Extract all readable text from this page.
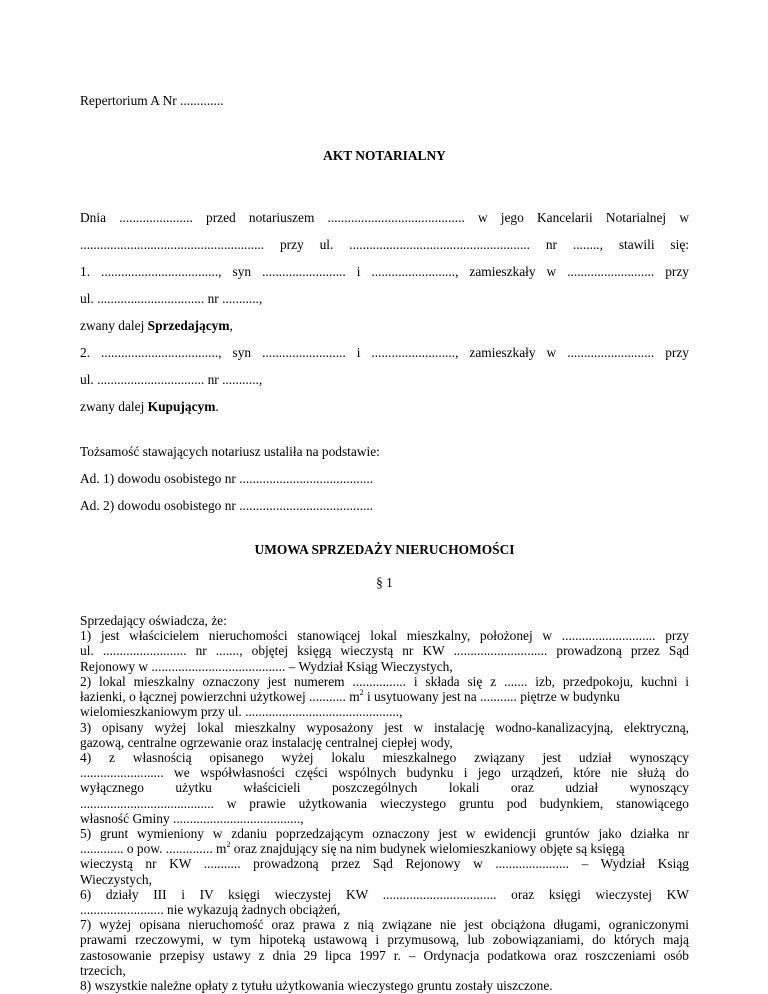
Repertorium A Nr .............
AKT NOTARIALNY
Dnia ...................... przed notariuszem ......................................... w jego Kancelarii Notarialnej w
....................................................... przy ul. ...................................................... nr ........, stawili się:
1. ..................................., syn ......................... i ........................., zamieszkały w .......................... przy
ul. ................................ nr ...........,
zwany dalej Sprzedającym,
2. ..................................., syn ......................... i ........................., zamieszkały w .......................... przy
ul. ................................ nr ...........,
zwany dalej Kupującym.
Tożsamość stawających notariusz ustaliła na podstawie:
Ad. 1) dowodu osobistego nr ........................................
Ad. 2) dowodu osobistego nr ........................................
UMOWA SPRZEDAŻY NIERUCHOMOŚCI
§ 1
Sprzedający oświadcza, że:
1) jest właścicielem nieruchomości stanowiącej lokal mieszkalny, położonej w ............................ przy
ul. ......................... nr ......., objętej księgą wieczystą nr KW ............................ prowadzoną przez Sąd
Rejonowy w ........................................ – Wydział Ksiąg Wieczystych,
2) lokal mieszkalny oznaczony jest numerem ................ i składa się z ....... izb, przedpokoju, kuchni i
łazienki, o łącznej powierzchni użytkowej ........... $m^2$ i usytuowany jest na ........... piętrze w budynku
wielomieszkaniowym przy ul. ..............................................,
3) opisany wyżej lokal mieszkalny wyposażony jest w instalację wodno-kanalizacyjną, elektryczną,
gazową, centralne ogrzewanie oraz instalację centralnej ciepłej wody,
4) z własnością opisanego wyżej lokalu mieszkalnego związany jest udział wynoszący
......................... we współwłasności części wspólnych budynku i jego urządzeń, które nie służą do
wyłącznego użytku właścicieli poszczególnych lokali oraz udział wynoszący
........................................ w prawie użytkowania wieczystego gruntu pod budynkiem, stanowiącego
własność Gminy ......................................,
5) grunt wymieniony w zdaniu poprzedzającym oznaczony jest w ewidencji gruntów jako działka nr
............. o pow. .............. $m^2$ oraz znajdujący się na nim budynek wielomieszkaniowy objęte są księgą
wieczystą nr KW ........... prowadzoną przez Sąd Rejonowy w ...................... – Wydział Ksiąg
Wieczystych,
6) działy III i IV księgi wieczystej KW .................................. oraz księgi wieczystej KW
......................... nie wykazują żadnych obciążeń,
7) wyżej opisana nieruchomość oraz prawa z nią związane nie jest obciążona długami, ograniczonymi
prawami rzeczowymi, w tym hipoteką ustawową i przymusową, lub zobowiązaniami, do których mają
zastosowanie przepisy ustawy z dnia 29 lipca 1997 r. – Ordynacja podatkowa oraz roszczeniami osób
trzecich,
8) wszystkie należne opłaty z tytułu użytkowania wieczystego gruntu zostały uiszczone.
